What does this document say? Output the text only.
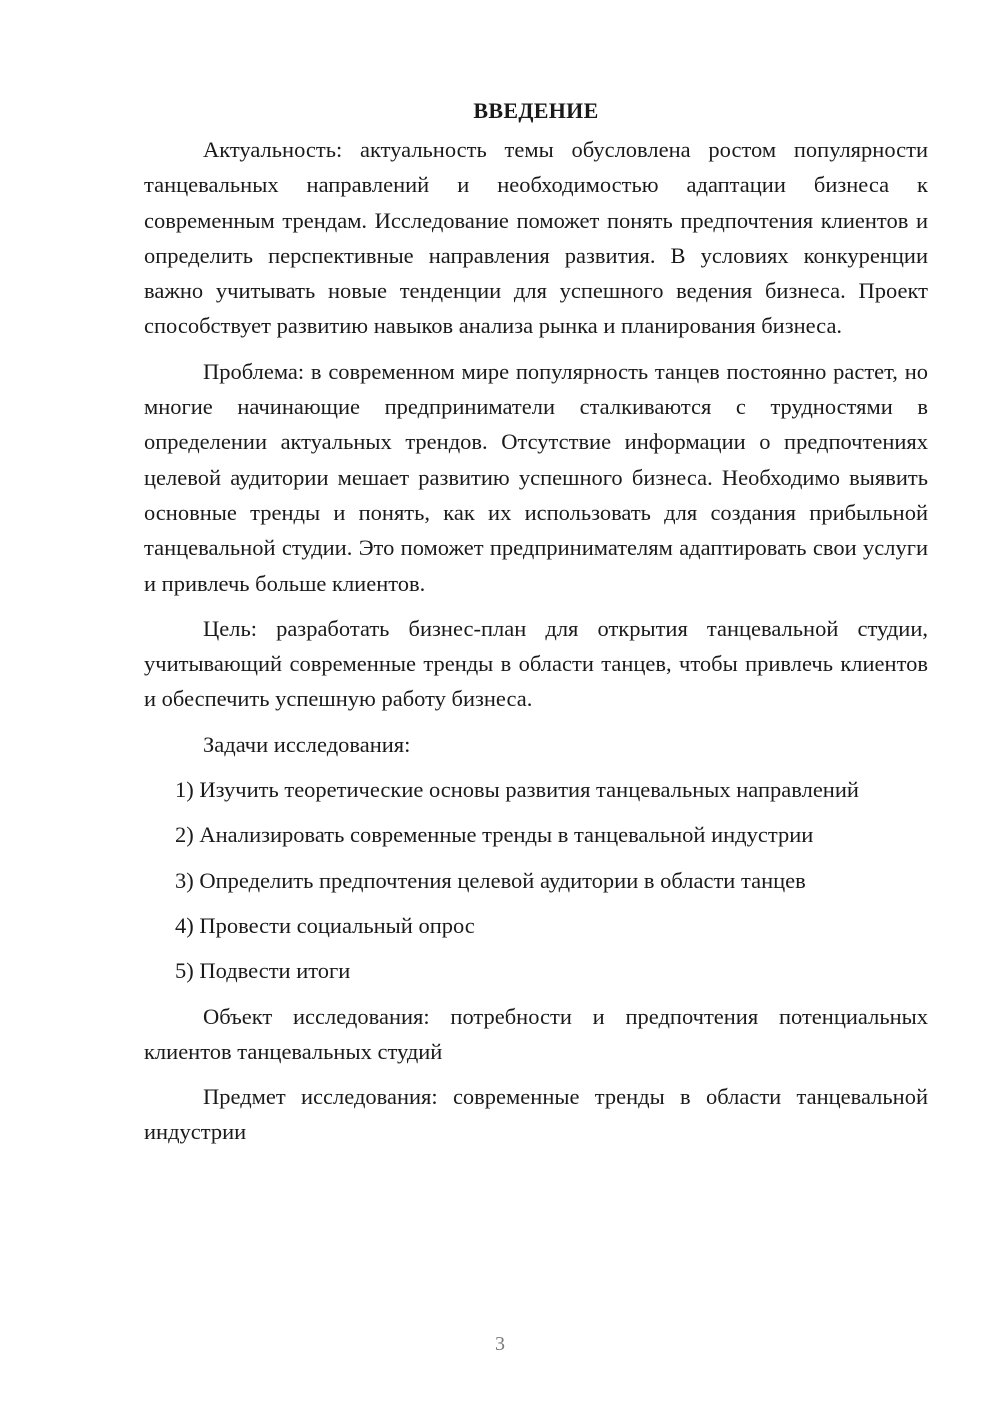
ВВЕДЕНИЕ

Актуальность: актуальность темы обусловлена ростом популярности танцевальных направлений и необходимостью адаптации бизнеса к современным трендам. Исследование поможет понять предпочтения клиентов и определить перспективные направления развития. В условиях конкуренции важно учитывать новые тенденции для успешного ведения бизнеса. Проект способствует развитию навыков анализа рынка и планирования бизнеса.

Проблема: в современном мире популярность танцев постоянно растет, но многие начинающие предприниматели сталкиваются с трудностями в определении актуальных трендов. Отсутствие информации о предпочтениях целевой аудитории мешает развитию успешного бизнеса. Необходимо выявить основные тренды и понять, как их использовать для создания прибыльной танцевальной студии. Это поможет предпринимателям адаптировать свои услуги и привлечь больше клиентов.

Цель: разработать бизнес-план для открытия танцевальной студии, учитывающий современные тренды в области танцев, чтобы привлечь клиентов и обеспечить успешную работу бизнеса.

Задачи исследования:

1) Изучить теоретические основы развития танцевальных направлений

2) Анализировать современные тренды в танцевальной индустрии

3) Определить предпочтения целевой аудитории в области танцев

4) Провести социальный опрос

5) Подвести итоги

Объект исследования: потребности и предпочтения потенциальных клиентов танцевальных студий

Предмет исследования: современные тренды в области танцевальной индустрии

3
